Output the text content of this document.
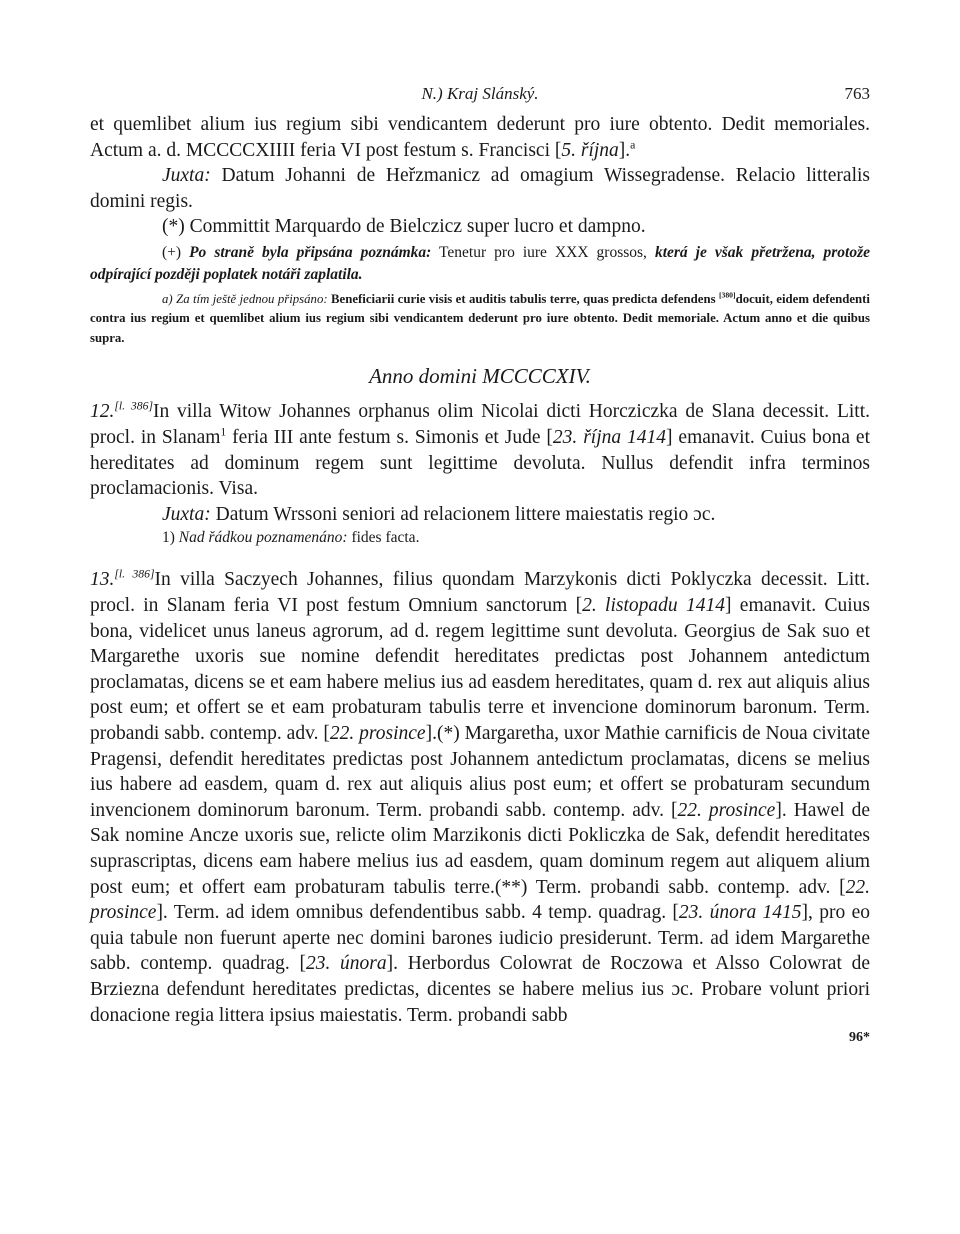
N.) Kraj Slánský.	763

et quemlibet alium ius regium sibi vendicantem dederunt pro iure obtento. Dedit memoriales. Actum a. d. MCCCCXIIII feria VI post festum s. Francisci [5. října].$^a$

Juxta: Datum Johanni de Heřzmanicz ad omagium Wissegradense. Relacio litteralis domini regis.

(*) Committit Marquardo de Bielczicz super lucro et dampno.

(+) Po straně byla připsána poznámka: Tenetur pro iure XXX grossos, která je však přetržena, protože odpírající později poplatek notáři zaplatila.

a) Za tím ještě jednou připsáno: Beneficiarii curie visis et auditis tabulis terre, quas predicta defendens [380]docuit, eidem defendenti contra ius regium et quemlibet alium ius regium sibi vendicantem dederunt pro iure obtento. Dedit memoriale. Actum anno et die quibus supra.

Anno domini MCCCCXIV.

12.[l. 386]In villa Witow Johannes orphanus olim Nicolai dicti Horcziczka de Slana decessit. Litt. procl. in Slanam$^1$ feria III ante festum s. Simonis et Jude [23. října 1414] emanavit. Cuius bona et hereditates ad dominum regem sunt legittime devoluta. Nullus defendit infra terminos proclamacionis. Visa.

Juxta: Datum Wrssoni seniori ad relacionem littere maiestatis regio ɔc.

1) Nad řádkou poznamenáno: fides facta.

13.[l. 386]In villa Saczyech Johannes, filius quondam Marzykonis dicti Poklyczka decessit. Litt. procl. in Slanam feria VI post festum Omnium sanctorum [2. listopadu 1414] emanavit. Cuius bona, videlicet unus laneus agrorum, ad d. regem legittime sunt devoluta. Georgius de Sak suo et Margarethe uxoris sue nomine defendit hereditates predictas post Johannem antedictum proclamatas, dicens se et eam habere melius ius ad easdem hereditates, quam d. rex aut aliquis alius post eum; et offert se et eam probaturam tabulis terre et invencione dominorum baronum. Term. probandi sabb. contemp. adv. [22. prosince].(*) Margaretha, uxor Mathie carnificis de Noua civitate Pragensi, defendit hereditates predictas post Johannem antedictum proclamatas, dicens se melius ius habere ad easdem, quam d. rex aut aliquis alius post eum; et offert se probaturam secundum invencionem dominorum baronum. Term. probandi sabb. contemp. adv. [22. prosince]. Hawel de Sak nomine Ancze uxoris sue, relicte olim Marzikonis dicti Pokliczka de Sak, defendit hereditates suprascriptas, dicens eam habere melius ius ad easdem, quam dominum regem aut aliquem alium post eum; et offert eam probaturam tabulis terre.(**) Term. probandi sabb. contemp. adv. [22. prosince]. Term. ad idem omnibus defendentibus sabb. 4 temp. quadrag. [23. února 1415], pro eo quia tabule non fuerunt aperte nec domini barones iudicio presiderunt. Term. ad idem Margarethe sabb. contemp. quadrag. [23. února]. Herbordus Colowrat de Roczowa et Alsso Colowrat de Brziezna defendunt hereditates predictas, dicentes se habere melius ius ɔc. Probare volunt priori donacione regia littera ipsius maiestatis. Term. probandi sabb

96*
